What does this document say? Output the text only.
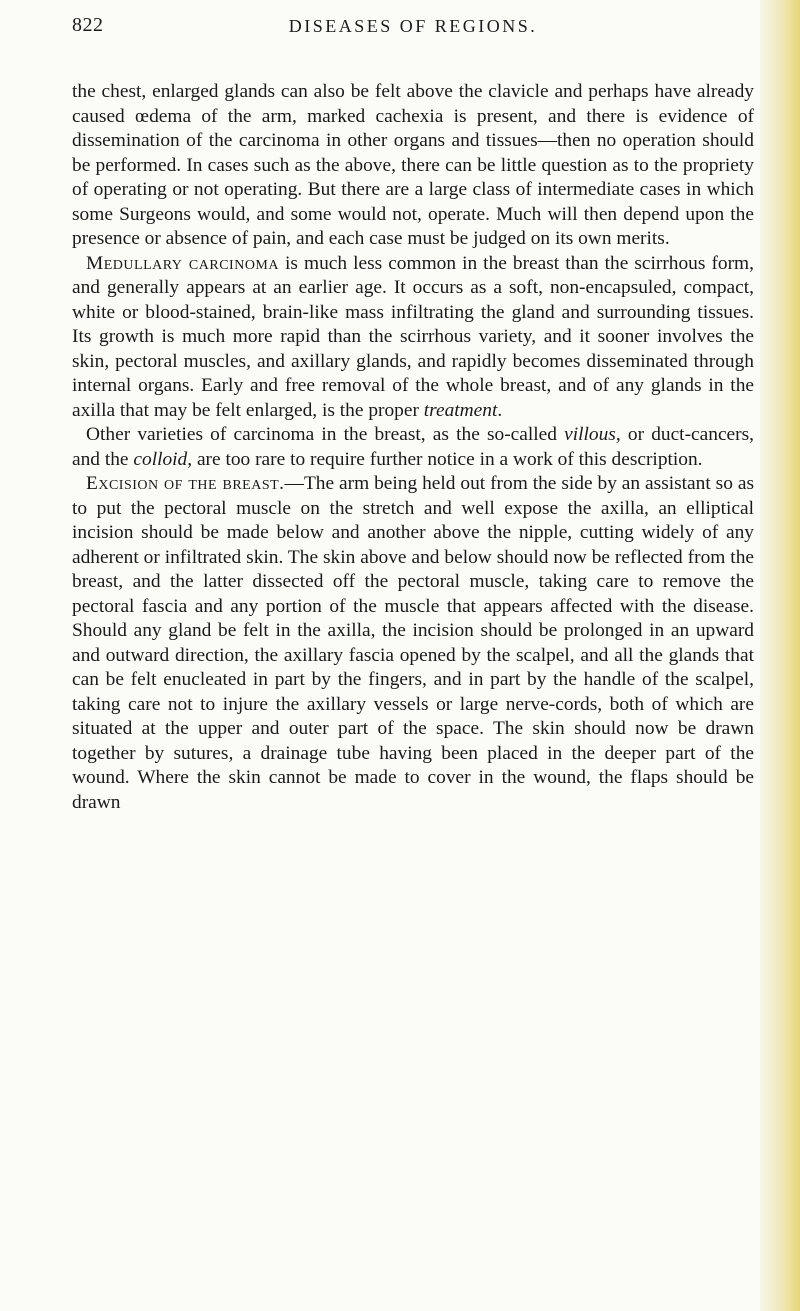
822	DISEASES OF REGIONS.

the chest, enlarged glands can also be felt above the clavicle and perhaps have already caused œdema of the arm, marked cachexia is present, and there is evidence of dissemination of the carcinoma in other organs and tissues—then no operation should be performed. In cases such as the above, there can be little question as to the propriety of operating or not operating. But there are a large class of intermediate cases in which some Surgeons would, and some would not, operate. Much will then depend upon the presence or absence of pain, and each case must be judged on its own merits.

Medullary carcinoma is much less common in the breast than the scirrhous form, and generally appears at an earlier age. It occurs as a soft, non-encapsuled, compact, white or blood-stained, brain-like mass infiltrating the gland and surrounding tissues. Its growth is much more rapid than the scirrhous variety, and it sooner involves the skin, pectoral muscles, and axillary glands, and rapidly becomes disseminated through internal organs. Early and free removal of the whole breast, and of any glands in the axilla that may be felt enlarged, is the proper treatment.

Other varieties of carcinoma in the breast, as the so-called villous, or duct-cancers, and the colloid, are too rare to require further notice in a work of this description.

Excision of the breast.—The arm being held out from the side by an assistant so as to put the pectoral muscle on the stretch and well expose the axilla, an elliptical incision should be made below and another above the nipple, cutting widely of any adherent or infiltrated skin. The skin above and below should now be reflected from the breast, and the latter dissected off the pectoral muscle, taking care to remove the pectoral fascia and any portion of the muscle that appears affected with the disease. Should any gland be felt in the axilla, the incision should be prolonged in an upward and outward direction, the axillary fascia opened by the scalpel, and all the glands that can be felt enucleated in part by the fingers, and in part by the handle of the scalpel, taking care not to injure the axillary vessels or large nerve-cords, both of which are situated at the upper and outer part of the space. The skin should now be drawn together by sutures, a drainage tube having been placed in the deeper part of the wound. Where the skin cannot be made to cover in the wound, the flaps should be drawn
